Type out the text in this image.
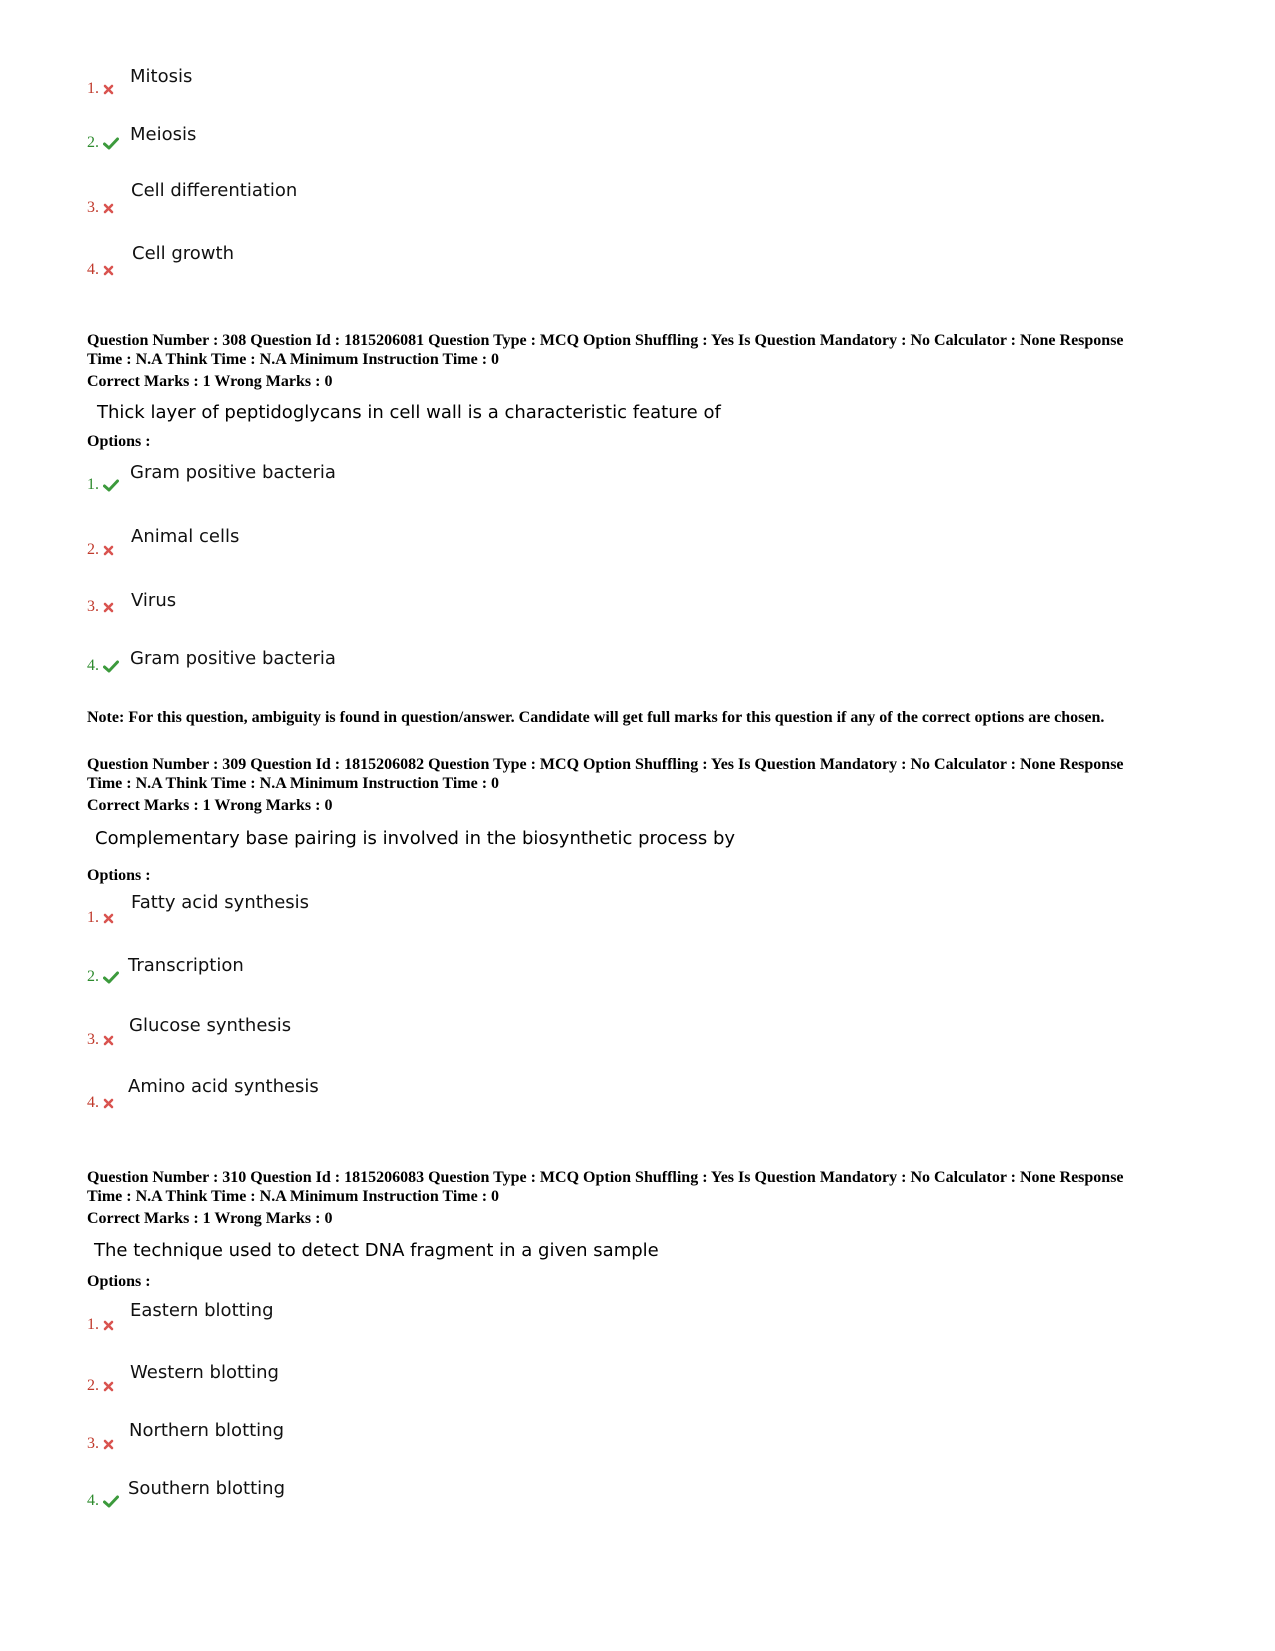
1.
Mitosis
2. Meiosis
3.
Cell differentiation
4.
Cell growth
Question Number : 308 Question Id : 1815206081 Question Type : MCQ Option Shuffling : Yes Is Question Mandatory : No Calculator : None Response
Time : N.A Think Time : N.A Minimum Instruction Time : 0
Correct Marks : 1 Wrong Marks : 0
Thick layer of peptidoglycans in cell wall is a characteristic feature of
Options :
1.
Gram positive bacteria
2.
Animal cells
3. Virus
4. Gram positive bacteria
Note: For this question, ambiguity is found in question/answer. Candidate will get full marks for this question if any of the correct options are chosen.
Question Number : 309 Question Id : 1815206082 Question Type : MCQ Option Shuffling : Yes Is Question Mandatory : No Calculator : None Response
Time : N.A Think Time : N.A Minimum Instruction Time : 0
Correct Marks : 1 Wrong Marks : 0
Complementary base pairing is involved in the biosynthetic process by
Options :
1.
Fatty acid synthesis
2.
Transcription
3.
Glucose synthesis
4.
Amino acid synthesis
Question Number : 310 Question Id : 1815206083 Question Type : MCQ Option Shuffling : Yes Is Question Mandatory : No Calculator : None Response
Time : N.A Think Time : N.A Minimum Instruction Time : 0
Correct Marks : 1 Wrong Marks : 0
The technique used to detect DNA fragment in a given sample
Options :
1.
Eastern blotting
2.
Western blotting
3.
Northern blotting
4.
Southern blotting
